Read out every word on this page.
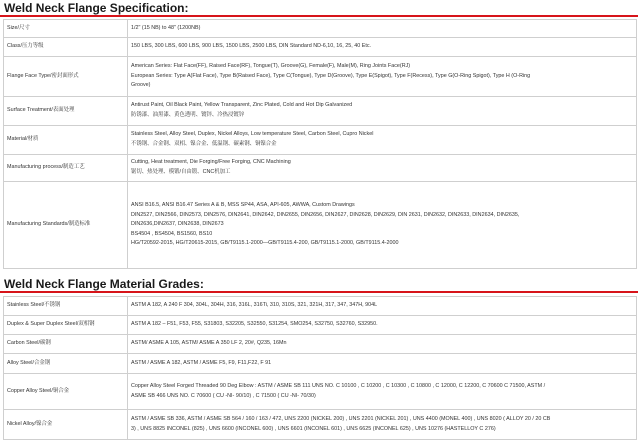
Weld Neck Flange Specification:
Size/尺寸	1/2" (15 NB) to 48" (1200NB)

Class/压力等级	150 LBS, 300 LBS, 600 LBS, 900 LBS, 1500 LBS, 2500 LBS, DIN Standard ND-6,10, 16, 25, 40 Etc.

Flange Face Type/密封面形式	American Series: Flat Face(FF), Raised Face(RF), Tongue(T), Groove(G), Female(F), Male(M), Ring Joints Face(RJ)
European Series: Type A(Flat Face), Type B(Raised Face), Type C(Tongue), Type D(Groove), Type E(Spigot), Type F(Recess), Type G(O-Ring Spigot), Type H (O-Ring
Groove)

Surface Treatment/表面处理	Antirust Paint, Oil Black Paint, Yellow Transparent, Zinc Plated, Cold and Hot Dip Galvanized
防锈漆、油黑漆、黄色透明、镀锌、冷热浸镀锌

Material/材质	Stainless Steel, Alloy Steel, Duplex, Nickel Alloys, Low temperature Steel, Carbon Steel, Cupro Nickel
不锈钢、合金钢、双相、镍合金、低温钢、碳素钢、铜镍合金

Manufacturing process/制造工艺	Cutting, Heat treatment, Die Forging/Free Forging, CNC Machining
锯切、热处理、模锻/自由锻、CNC机加工

Manufacturing Standards/制造标准	ANSI B16.5, ANSI B16.47 Series A & B, MSS SP44, ASA, API-605, AWWA, Custom Drawings
DIN2527, DIN2566, DIN2573, DIN2576, DIN2641, DIN2642, DIN2655, DIN2656, DIN2627, DIN2628, DIN2629, DIN 2631, DIN2632, DIN2633, DIN2634, DIN2635,
DIN2636,DIN2637, DIN2638, DIN2673
BS4504 , BS4504, BS1560, BS10
HG/T20592-2015, HG/T20615-2015, GB/T9115.1-2000—GB/T9115.4-200, GB/T9115.1-2000, GB/T9115.4-2000
Weld Neck Flange Material Grades:
Stainless Steel/不锈钢	ASTM A 182, A 240 F 304, 304L, 304H, 316, 316L, 316Ti, 310, 310S, 321, 321H, 317, 347, 347H, 904L

Duplex & Super Duplex Steel/双相钢	ASTM A 182 – F51, F53, F55, S31803, S32205, S32550, S31254, SMO254, S32750, S32760, S32950.

Carbon Steel/碳钢	ASTM/ ASME A 105, ASTM/ ASME A 350 LF 2, 20#, Q235, 16Mn

Alloy Steel/合金钢	ASTM / ASME A 182, ASTM / ASME F5, F9, F11,F22, F 91

Copper Alloy Steel/铜合金	Copper Alloy Steel Forged Threaded 90 Deg Elbow : ASTM / ASME SB 111 UNS NO. C 10100 , C 10200 , C 10300 , C 10800 , C 12000, C 12200, C 70600 C 71500, ASTM /
ASME SB 466 UNS NO. C 70600 ( CU -NI- 90/10) , C 71500 ( CU -NI- 70/30)

Nickel Alloy/镍合金	ASTM / ASME SB 336, ASTM / ASME SB 564 / 160 / 163 / 472, UNS 2200 (NICKEL 200) , UNS 2201 (NICKEL 201) , UNS 4400 (MONEL 400) , UNS 8020 ( ALLOY 20 / 20 CB
3) , UNS 8825 INCONEL (825) , UNS 6600 (INCONEL 600) , UNS 6601 (INCONEL 601) , UNS 6625 (INCONEL 625) , UNS 10276 (HASTELLOY C 276)
